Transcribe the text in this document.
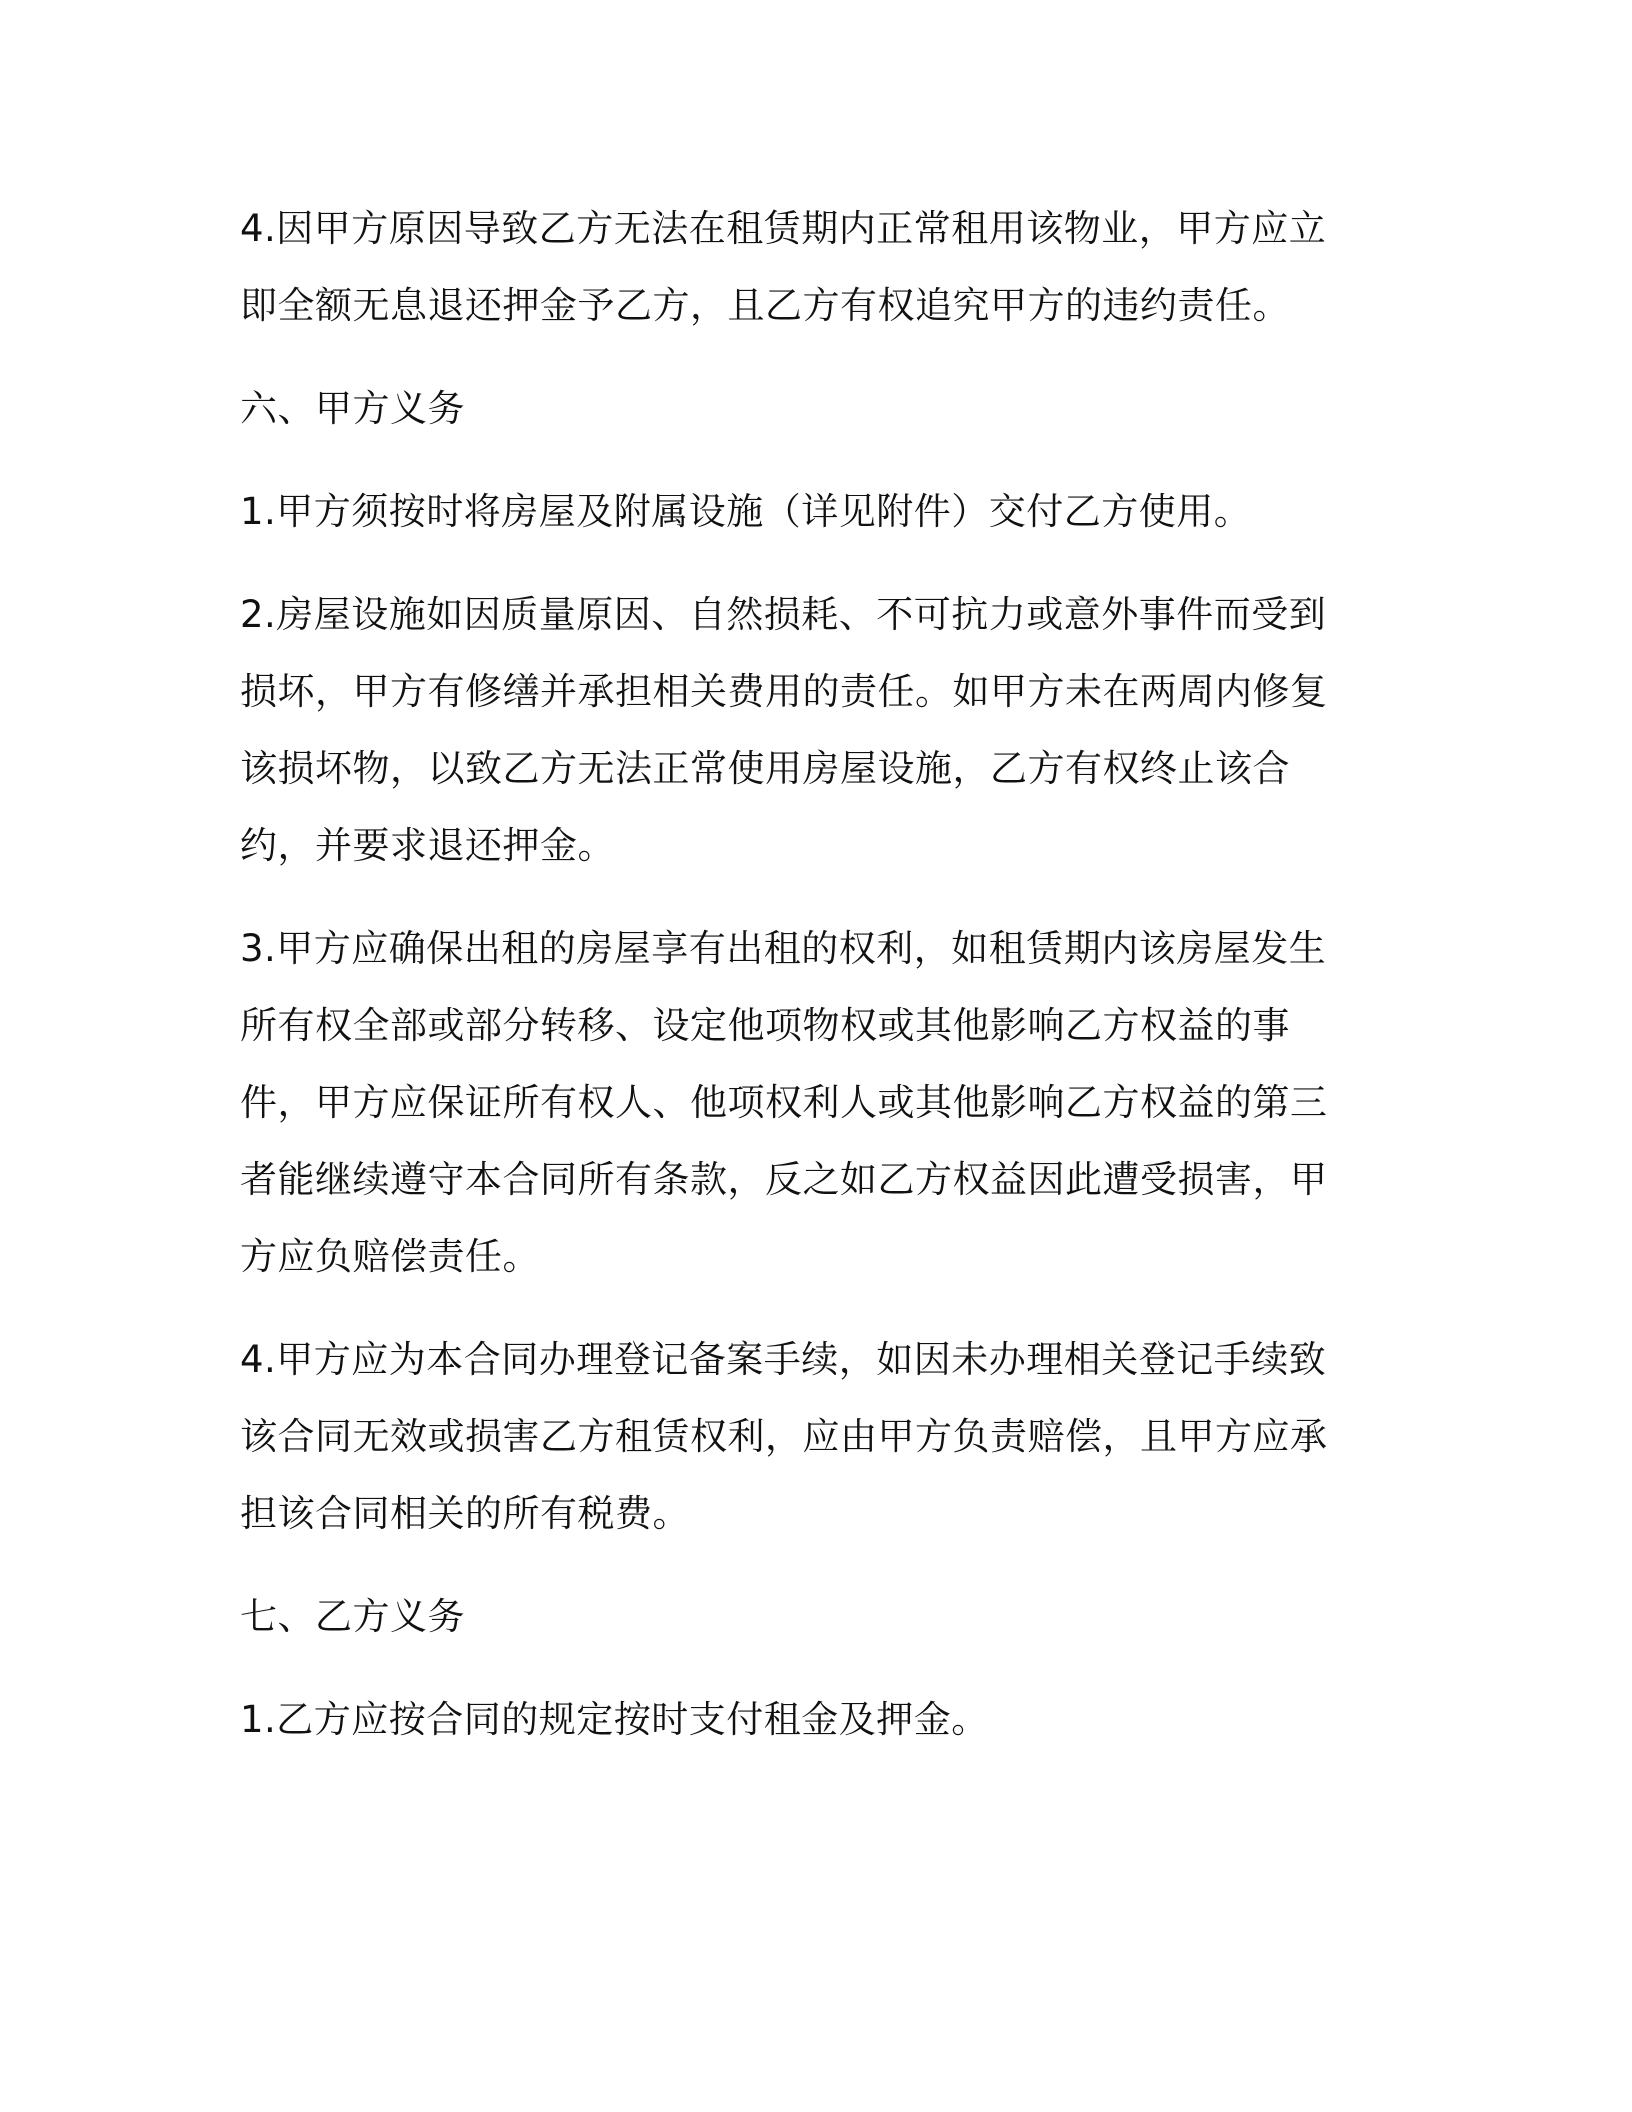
4.因甲方原因导致乙方无法在租赁期内正常租用该物业，甲方应立即全额无息退还押金予乙方，且乙方有权追究甲方的违约责任。

六、甲方义务

1.甲方须按时将房屋及附属设施（详见附件）交付乙方使用。

2.房屋设施如因质量原因、自然损耗、不可抗力或意外事件而受到损坏，甲方有修缮并承担相关费用的责任。如甲方未在两周内修复该损坏物，以致乙方无法正常使用房屋设施，乙方有权终止该合约，并要求退还押金。

3.甲方应确保出租的房屋享有出租的权利，如租赁期内该房屋发生所有权全部或部分转移、设定他项物权或其他影响乙方权益的事件，甲方应保证所有权人、他项权利人或其他影响乙方权益的第三者能继续遵守本合同所有条款，反之如乙方权益因此遭受损害，甲方应负赔偿责任。

4.甲方应为本合同办理登记备案手续，如因未办理相关登记手续致该合同无效或损害乙方租赁权利，应由甲方负责赔偿，且甲方应承担该合同相关的所有税费。

七、乙方义务

1.乙方应按合同的规定按时支付租金及押金。
